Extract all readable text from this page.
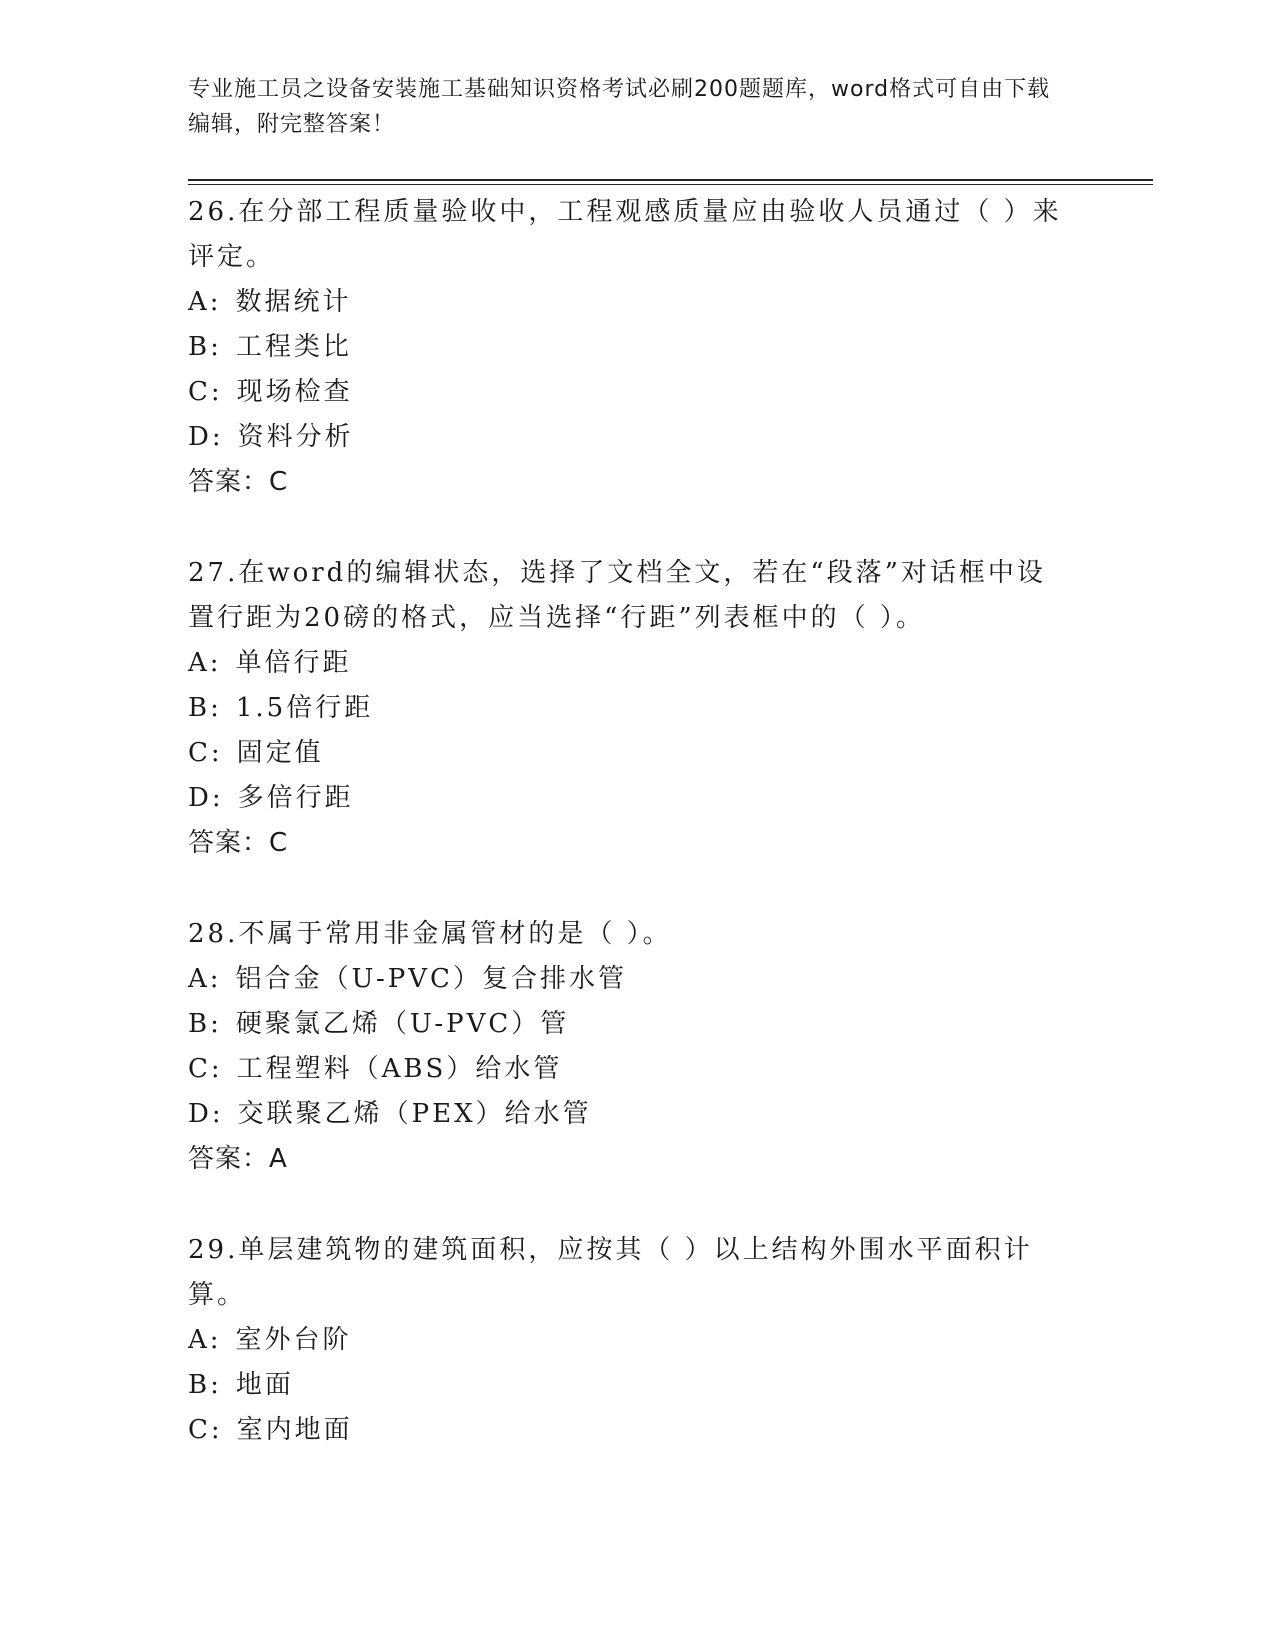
专业施工员之设备安装施工基础知识资格考试必刷200题题库，word格式可自由下载编辑，附完整答案！
26.在分部工程质量验收中，工程观感质量应由验收人员通过（ ）来评定。
A: 数据统计
B: 工程类比
C: 现场检查
D: 资料分析
答案：C
27.在word的编辑状态，选择了文档全文，若在“段落”对话框中设置行距为20磅的格式，应当选择“行距”列表框中的（ ）。
A: 单倍行距
B: 1.5倍行距
C: 固定值
D: 多倍行距
答案：C
28.不属于常用非金属管材的是（ ）。
A: 铝合金（U-PVC）复合排水管
B: 硬聚氯乙烯（U-PVC）管
C: 工程塑料（ABS）给水管
D: 交联聚乙烯（PEX）给水管
答案：A
29.单层建筑物的建筑面积，应按其（ ）以上结构外围水平面积计算。
A: 室外台阶
B: 地面
C: 室内地面
